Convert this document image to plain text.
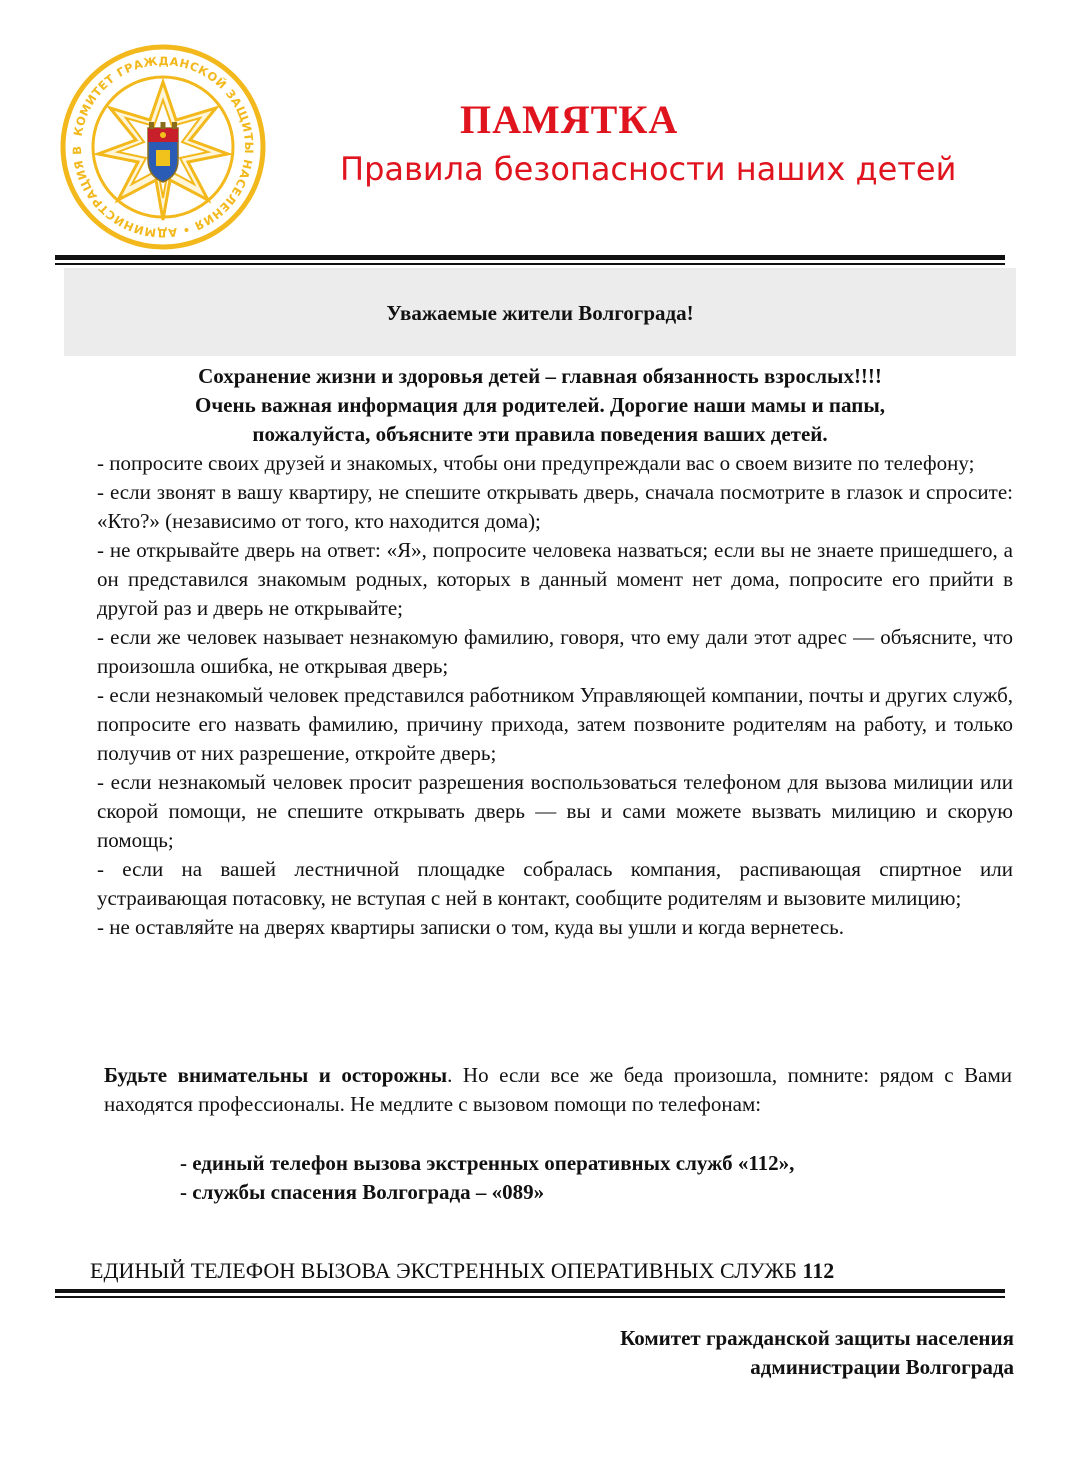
КОМИТЕТ ГРАЖДАНСКОЙ ЗАЩИТЫ НАСЕЛЕНИЯ • АДМИНИСТРАЦИЯ В
ПАМЯТКА
Правила безопасности наших детей
Уважаемые жители Волгограда!
Сохранение жизни и здоровья детей – главная обязанность взрослых!!!!
Очень важная информация для родителей. Дорогие наши мамы и папы,
пожалуйста, объясните эти правила поведения ваших детей.

- попросите своих друзей и знакомых, чтобы они предупреждали вас о своем визите по телефону;

- если звонят в вашу квартиру, не спешите открывать дверь, сначала посмотрите в глазок и спросите: «Кто?» (независимо от того, кто находится дома);

- не открывайте дверь на ответ: «Я», попросите человека назваться; если вы не знаете пришедшего, а он представился знакомым родных, которых в данный момент нет дома, попросите его прийти в другой раз и дверь не открывайте;

- если же человек называет незнакомую фамилию, говоря, что ему дали этот адрес — объясните, что произошла ошибка, не открывая дверь;

- если незнакомый человек представился работником Управляющей компании, почты и других служб, попросите его назвать фамилию, причину прихода, затем позвоните родителям на работу, и только получив от них разрешение, откройте дверь;

- если незнакомый человек просит разрешения воспользоваться телефоном для вызова милиции или скорой помощи, не спешите открывать дверь — вы и сами можете вызвать милицию и скорую помощь;

- если на вашей лестничной площадке собралась компания, распивающая спиртное или устраивающая потасовку, не вступая с ней в контакт, сообщите родителям и вызовите милицию;

- не оставляйте на дверях квартиры записки о том, куда вы ушли и когда вернетесь.

Будьте внимательны и осторожны. Но если все же беда произошла, помните: рядом с Вами находятся профессионалы. Не медлите с вызовом помощи по телефонам:
- единый телефон вызова экстренных оперативных служб «112»,
- службы спасения Волгограда – «089»
ЕДИНЫЙ ТЕЛЕФОН ВЫЗОВА ЭКСТРЕННЫХ ОПЕРАТИВНЫХ СЛУЖБ 112
Комитет гражданской защиты населения
администрации Волгограда
